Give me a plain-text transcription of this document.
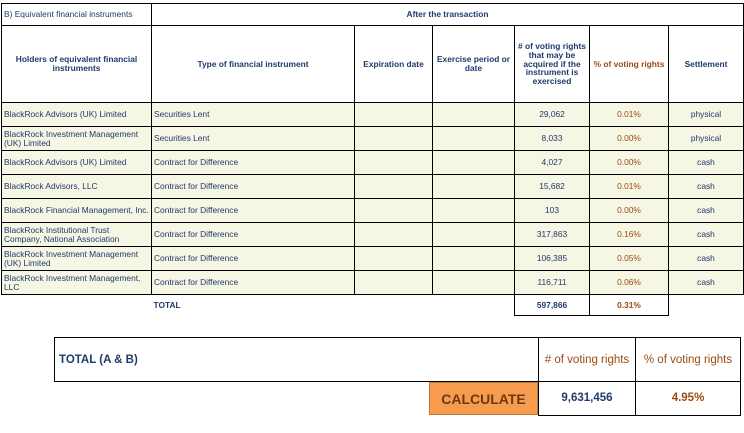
B) Equivalent financial instruments	After the transaction					
Holders of equivalent financial instruments	Type of financial instrument	Expiration date	Exercise period or date	# of voting rights that may be acquired if the instrument is exercised	% of voting rights	Settlement
BlackRock Advisors (UK) Limited	Securities Lent			29,062	0.01%	physical
BlackRock Investment Management (UK) Limited	Securities Lent			8,033	0.00%	physical
BlackRock Advisors (UK) Limited	Contract for Difference			4,027	0.00%	cash
BlackRock Advisors, LLC	Contract for Difference			15,682	0.01%	cash
BlackRock Financial Management, Inc.	Contract for Difference			103	0.00%	cash
BlackRock Institutional Trust Company, National Association	Contract for Difference			317,863	0.16%	cash
BlackRock Investment Management (UK) Limited	Contract for Difference			106,385	0.05%	cash
BlackRock Investment Management, LLC	Contract for Difference			116,711	0.06%	cash
	TOTAL			597,866	0.31%	
TOTAL (A & B)	# of voting rights	% of voting rights

CALCULATE	9,631,456	4.95%
